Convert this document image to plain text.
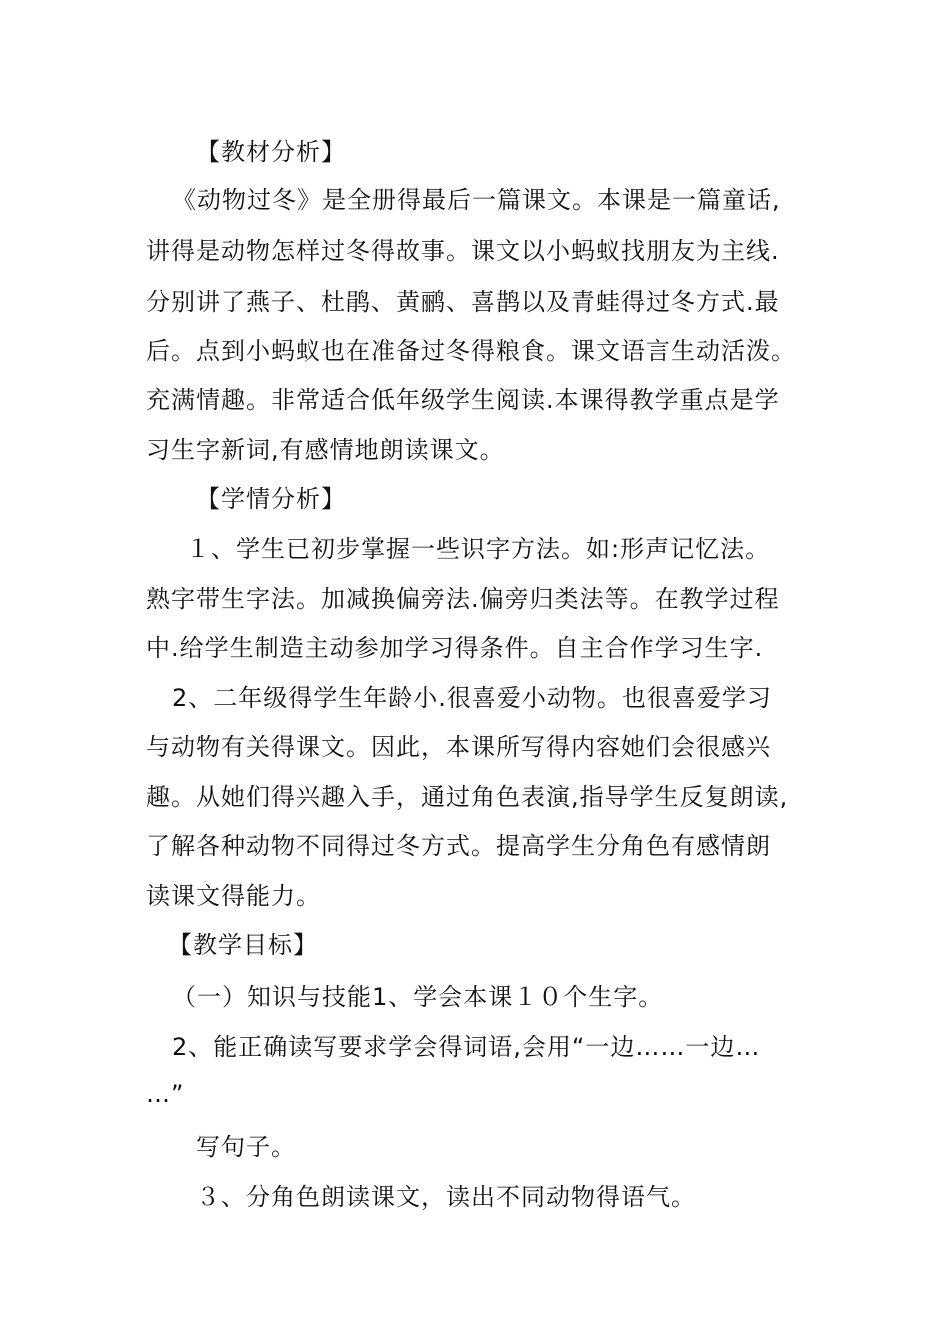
【教材分析】
《动物过冬》是全册得最后一篇课文。本课是一篇童话,
讲得是动物怎样过冬得故事。课文以小蚂蚁找朋友为主线.
分别讲了燕子、杜鹃、黄鹂、喜鹊以及青蛙得过冬方式.最
后。点到小蚂蚁也在准备过冬得粮食。课文语言生动活泼。
充满情趣。非常适合低年级学生阅读.本课得教学重点是学
习生字新词,有感情地朗读课文。
【学情分析】
１、学生已初步掌握一些识字方法。如:形声记忆法。
熟字带生字法。加减换偏旁法.偏旁归类法等。在教学过程
中.给学生制造主动参加学习得条件。自主合作学习生字.
2、二年级得学生年龄小.很喜爱小动物。也很喜爱学习
与动物有关得课文。因此，本课所写得内容她们会很感兴
趣。从她们得兴趣入手，通过角色表演,指导学生反复朗读,
了解各种动物不同得过冬方式。提高学生分角色有感情朗
读课文得能力。
【教学目标】
（一）知识与技能1、学会本课１０个生字。
2、能正确读写要求学会得词语,会用“一边……一边…
…”
写句子。
３、分角色朗读课文，读出不同动物得语气。
